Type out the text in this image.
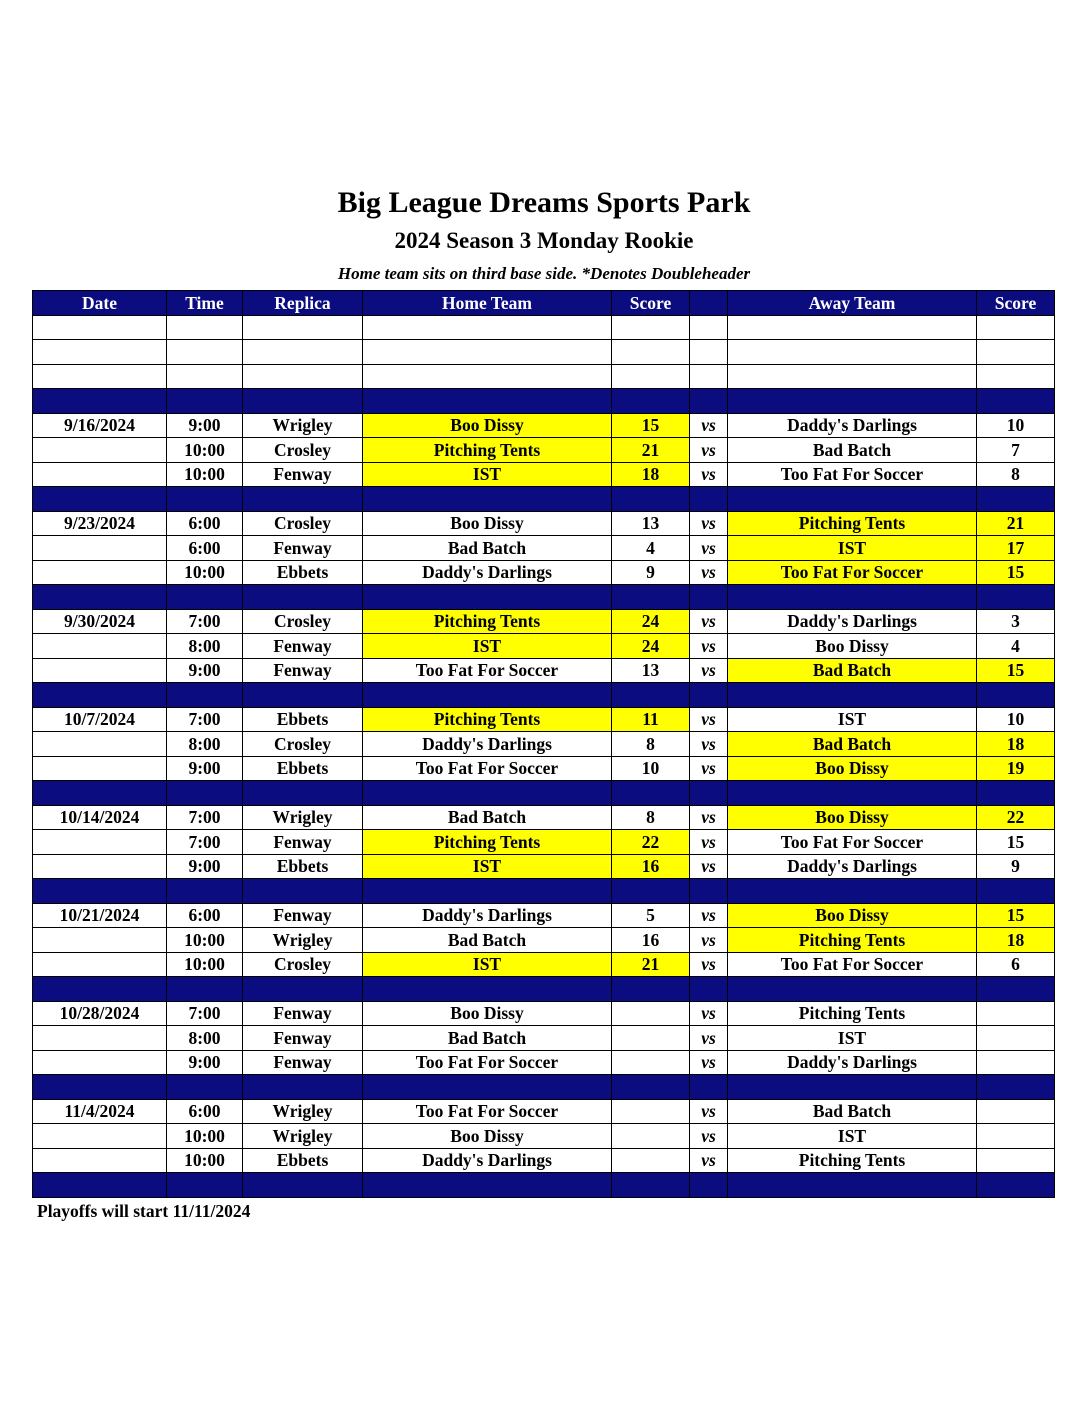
Big League Dreams Sports Park
2024 Season 3 Monday Rookie
Home team sits on third base side. *Denotes Doubleheader
Date	Time	Replica	Home Team	Score		Away Team	Score

9/16/2024	9:00	Wrigley	Boo Dissy	15	vs	Daddy's Darlings	10
	10:00	Crosley	Pitching Tents	21	vs	Bad Batch	7
	10:00	Fenway	IST	18	vs	Too Fat For Soccer	8

9/23/2024	6:00	Crosley	Boo Dissy	13	vs	Pitching Tents	21
	6:00	Fenway	Bad Batch	4	vs	IST	17
	10:00	Ebbets	Daddy's Darlings	9	vs	Too Fat For Soccer	15

9/30/2024	7:00	Crosley	Pitching Tents	24	vs	Daddy's Darlings	3
	8:00	Fenway	IST	24	vs	Boo Dissy	4
	9:00	Fenway	Too Fat For Soccer	13	vs	Bad Batch	15

10/7/2024	7:00	Ebbets	Pitching Tents	11	vs	IST	10
	8:00	Crosley	Daddy's Darlings	8	vs	Bad Batch	18
	9:00	Ebbets	Too Fat For Soccer	10	vs	Boo Dissy	19

10/14/2024	7:00	Wrigley	Bad Batch	8	vs	Boo Dissy	22
	7:00	Fenway	Pitching Tents	22	vs	Too Fat For Soccer	15
	9:00	Ebbets	IST	16	vs	Daddy's Darlings	9

10/21/2024	6:00	Fenway	Daddy's Darlings	5	vs	Boo Dissy	15
	10:00	Wrigley	Bad Batch	16	vs	Pitching Tents	18
	10:00	Crosley	IST	21	vs	Too Fat For Soccer	6

10/28/2024	7:00	Fenway	Boo Dissy		vs	Pitching Tents	
	8:00	Fenway	Bad Batch		vs	IST	
	9:00	Fenway	Too Fat For Soccer		vs	Daddy's Darlings	

11/4/2024	6:00	Wrigley	Too Fat For Soccer		vs	Bad Batch	
	10:00	Wrigley	Boo Dissy		vs	IST	
	10:00	Ebbets	Daddy's Darlings		vs	Pitching Tents	

Playoffs will start 11/11/2024
